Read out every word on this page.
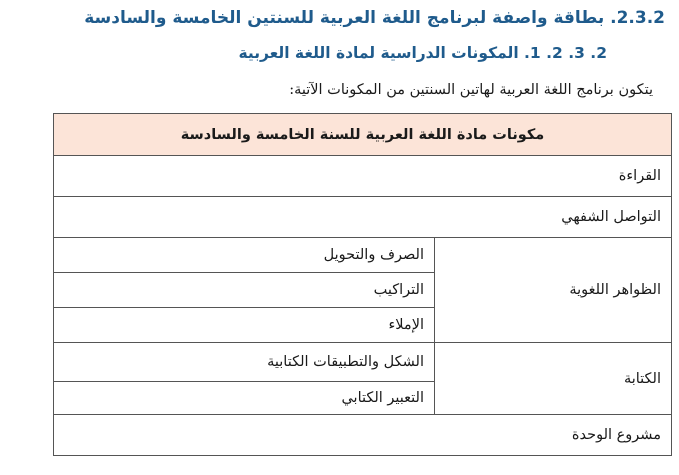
2.3.2. بطاقة واصفة لبرنامج اللغة العربية للسنتين الخامسة والسادسة
2. 3. 2. 1. المكونات الدراسية لمادة اللغة العربية
يتكون برنامج اللغة العربية لهاتين السنتين من المكونات الآتية:
مكونات مادة اللغة العربية للسنة الخامسة والسادسة	
القراءة	
التواصل الشفهي	
الظواهر اللغوية	الصرف والتحويل
	التراكيب
	الإملاء
الكتابة	الشكل والتطبيقات الكتابية
	التعبير الكتابي
مشروع الوحدة	
